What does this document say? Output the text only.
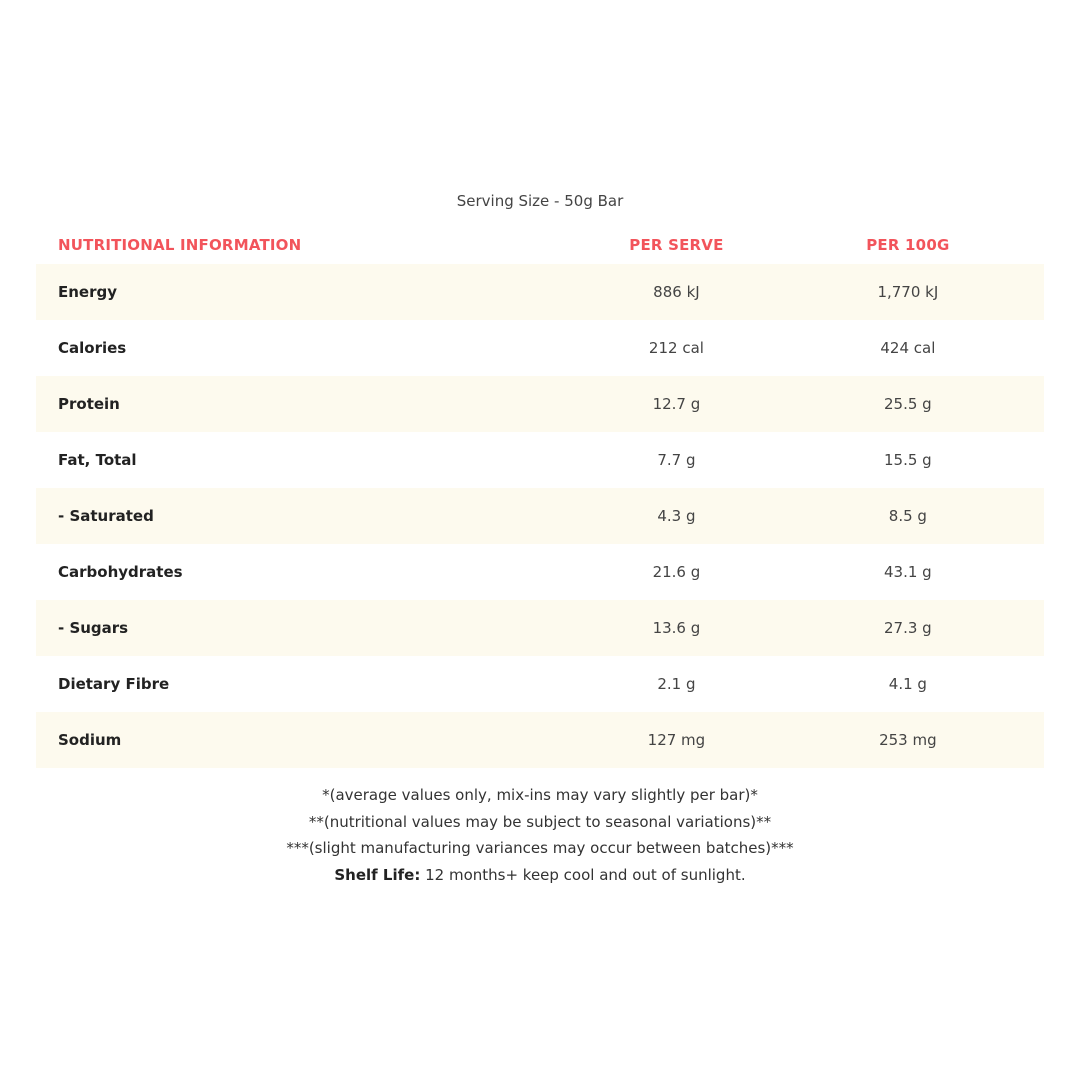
Serving Size - 50g Bar
NUTRITIONAL INFORMATION	PER SERVE	PER 100G
Energy	886 kJ	1,770 kJ
Calories	212 cal	424 cal
Protein	12.7 g	25.5 g
Fat, Total	7.7 g	15.5 g
- Saturated	4.3 g	8.5 g
Carbohydrates	21.6 g	43.1 g
- Sugars	13.6 g	27.3 g
Dietary Fibre	2.1 g	4.1 g
Sodium	127 mg	253 mg
*(average values only, mix-ins may vary slightly per bar)*
**(nutritional values may be subject to seasonal variations)**
***(slight manufacturing variances may occur between batches)***
Shelf Life: 12 months+ keep cool and out of sunlight.
